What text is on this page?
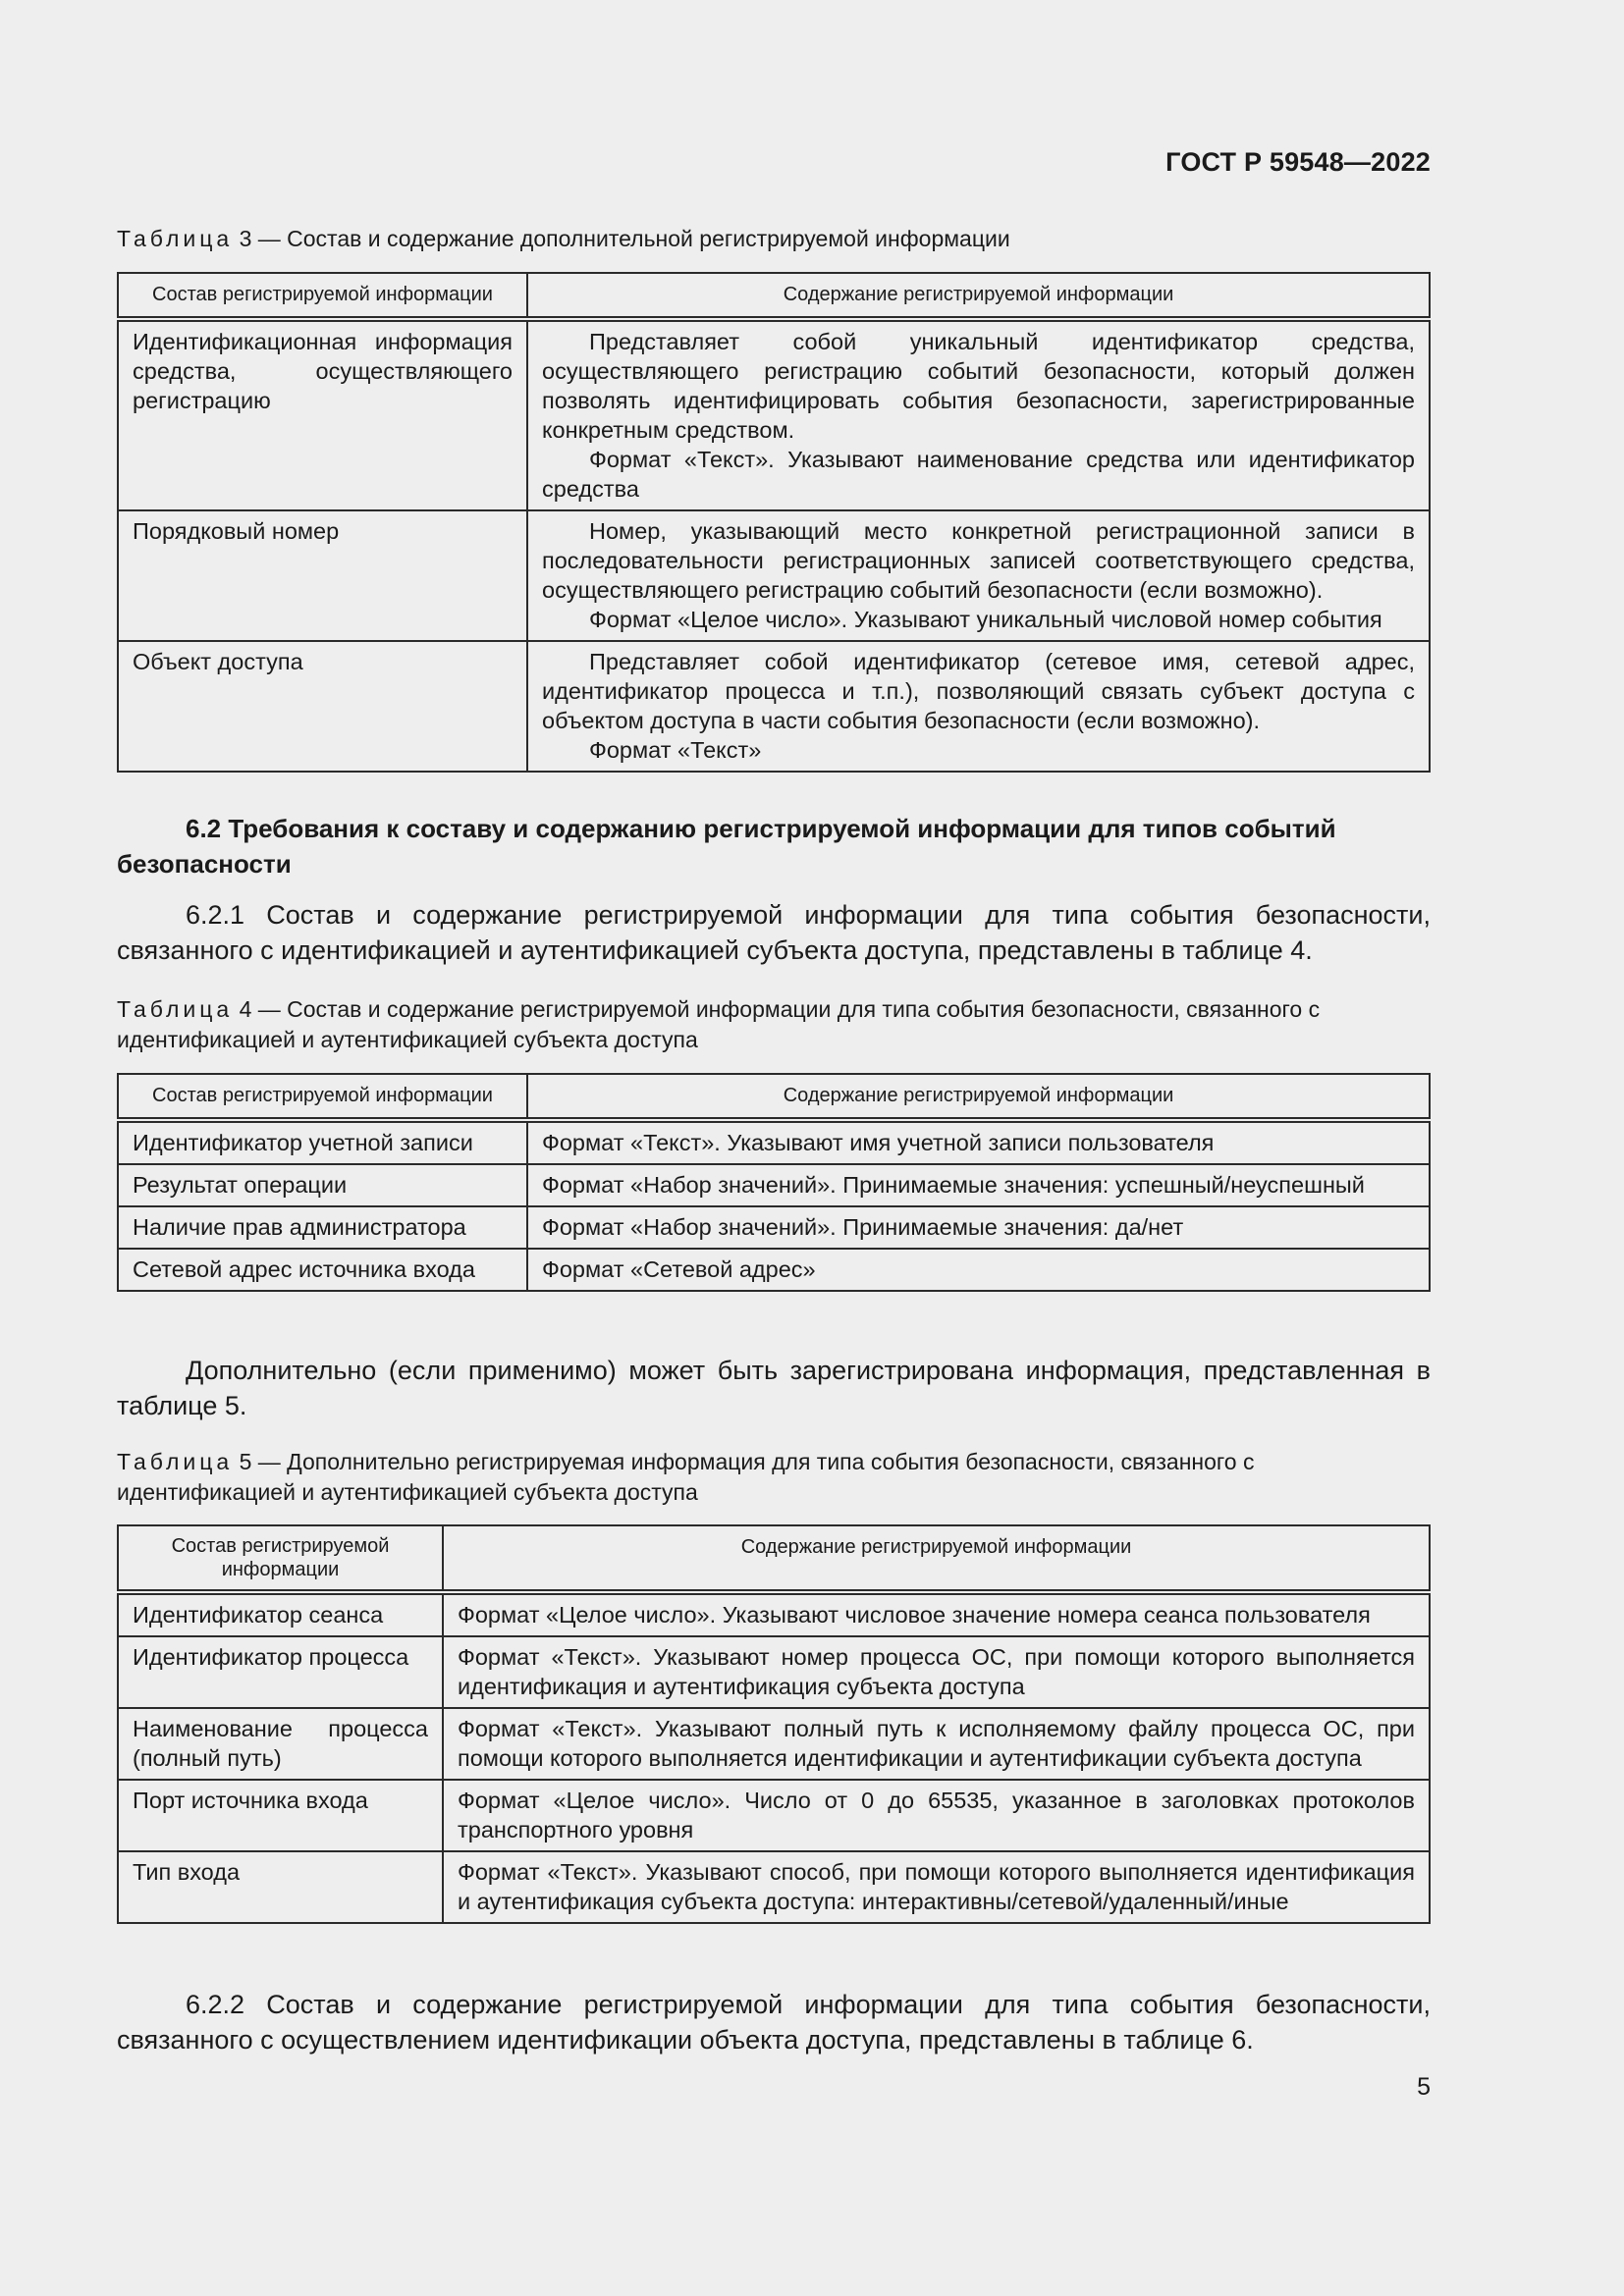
ГОСТ Р 59548—2022

Таблица 3 — Состав и содержание дополнительной регистрируемой информации

Состав регистрируемой информации	Содержание регистрируемой информации
Идентификационная информация средства, осуществляющего регистрацию	Представляет собой уникальный идентификатор средства, осуществляющего регистрацию событий безопасности, который должен позволять идентифицировать события безопасности, зарегистрированные конкретным средством.
Формат «Текст». Указывают наименование средства или идентификатор средства

Порядковый номер	Номер, указывающий место конкретной регистрационной записи в последовательности регистрационных записей соответствующего средства, осуществляющего регистрацию событий безопасности (если возможно).
Формат «Целое число». Указывают уникальный числовой номер события

Объект доступа	Представляет собой идентификатор (сетевое имя, сетевой адрес, идентификатор процесса и т.п.), позволяющий связать субъект доступа с объектом доступа в части события безопасности (если возможно).
Формат «Текст»

6.2 Требования к составу и содержанию регистрируемой информации для типов событий безопасности

6.2.1 Состав и содержание регистрируемой информации для типа события безопасности, связанного с идентификацией и аутентификацией субъекта доступа, представлены в таблице 4.

Таблица 4 — Состав и содержание регистрируемой информации для типа события безопасности, связанного с идентификацией и аутентификацией субъекта доступа

Состав регистрируемой информации	Содержание регистрируемой информации
Идентификатор учетной записи	Формат «Текст». Указывают имя учетной записи пользователя
Результат операции	Формат «Набор значений». Принимаемые значения: успешный/неуспешный
Наличие прав администратора	Формат «Набор значений». Принимаемые значения: да/нет
Сетевой адрес источника входа	Формат «Сетевой адрес»

Дополнительно (если применимо) может быть зарегистрирована информация, представленная в таблице 5.

Таблица 5 — Дополнительно регистрируемая информация для типа события безопасности, связанного с идентификацией и аутентификацией субъекта доступа

Состав регистрируемой информации	Содержание регистрируемой информации
Идентификатор сеанса	Формат «Целое число». Указывают числовое значение номера сеанса пользователя
Идентификатор процесса	Формат «Текст». Указывают номер процесса ОС, при помощи которого выполняется идентификация и аутентификация субъекта доступа
Наименование процесса (полный путь)	Формат «Текст». Указывают полный путь к исполняемому файлу процесса ОС, при помощи которого выполняется идентификации и аутентификации субъекта доступа
Порт источника входа	Формат «Целое число». Число от 0 до 65535, указанное в заголовках протоколов транспортного уровня
Тип входа	Формат «Текст». Указывают способ, при помощи которого выполняется идентификация и аутентификация субъекта доступа: интерактивны/сетевой/удаленный/иные

6.2.2 Состав и содержание регистрируемой информации для типа события безопасности, связанного с осуществлением идентификации объекта доступа, представлены в таблице 6.

5
